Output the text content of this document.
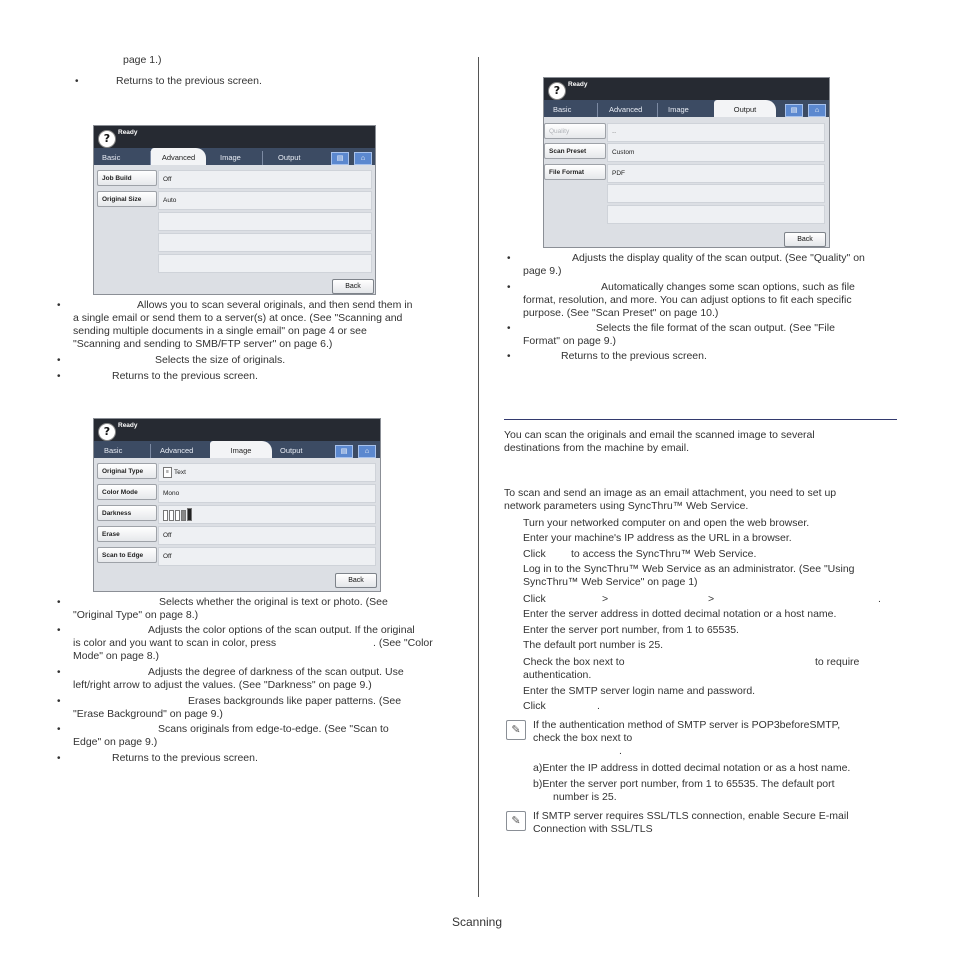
page 1.)
•	Returns to the previous screen.
?	Ready
Basic	Advanced	Image	Output	▤	⌂
Job Build	Off
Original Size	Auto
Back
•	Allows you to scan several originals, and then send them in
a single email or send them to a server(s) at once. (See "Scanning and
sending multiple documents in a single email" on page 4 or see
"Scanning and sending to SMB/FTP server" on page 6.)
•	Selects the size of originals.
•	Returns to the previous screen.
?	Ready
Basic	Advanced	Image	Output	▤	⌂
Original Type	≡ Text
Color Mode	Mono
Darkness
Erase	Off
Scan to Edge	Off
Back
•	Selects whether the original is text or photo. (See
"Original Type" on page 8.)
•	Adjusts the color options of the scan output. If the original
is color and you want to scan in color, press	. (See "Color
Mode" on page 8.)
•	Adjusts the degree of darkness of the scan output. Use
left/right arrow to adjust the values. (See "Darkness" on page 9.)
•	Erases backgrounds like paper patterns. (See
"Erase Background" on page 9.)
•	Scans originals from edge-to-edge. (See "Scan to
Edge" on page 9.)
•	Returns to the previous screen.
?	Ready
Basic	Advanced	Image	Output	▤	⌂
Quality	--
Scan Preset	Custom
File Format	PDF
Back
•	Adjusts the display quality of the scan output. (See "Quality" on
page 9.)
•	Automatically changes some scan options, such as file
format, resolution, and more. You can adjust options to fit each specific
purpose. (See "Scan Preset" on page 10.)
•	Selects the file format of the scan output. (See "File
Format" on page 9.)
•	Returns to the previous screen.
You can scan the originals and email the scanned image to several
destinations from the machine by email.
To scan and send an image as an email attachment, you need to set up
network parameters using SyncThru™ Web Service.
Turn your networked computer on and open the web browser.
Enter your machine's IP address as the URL in a browser.
Click to access the SyncThru™ Web Service.
Log in to the SyncThru™ Web Service as an administrator. (See "Using
SyncThru™ Web Service" on page 1)
Click	>	>	.
Enter the server address in dotted decimal notation or a host name.
Enter the server port number, from 1 to 65535.
The default port number is 25.
Check the box next to	to require
authentication.
Enter the SMTP server login name and password.
Click	.
✎	If the authentication method of SMTP server is POP3beforeSMTP,
check the box next to
.
a)Enter the IP address in dotted decimal notation or as a host name.
b)Enter the server port number, from 1 to 65535. The default port
number is 25.
✎	If SMTP server requires SSL/TLS connection, enable Secure E-mail
Connection with SSL/TLS
Scanning
